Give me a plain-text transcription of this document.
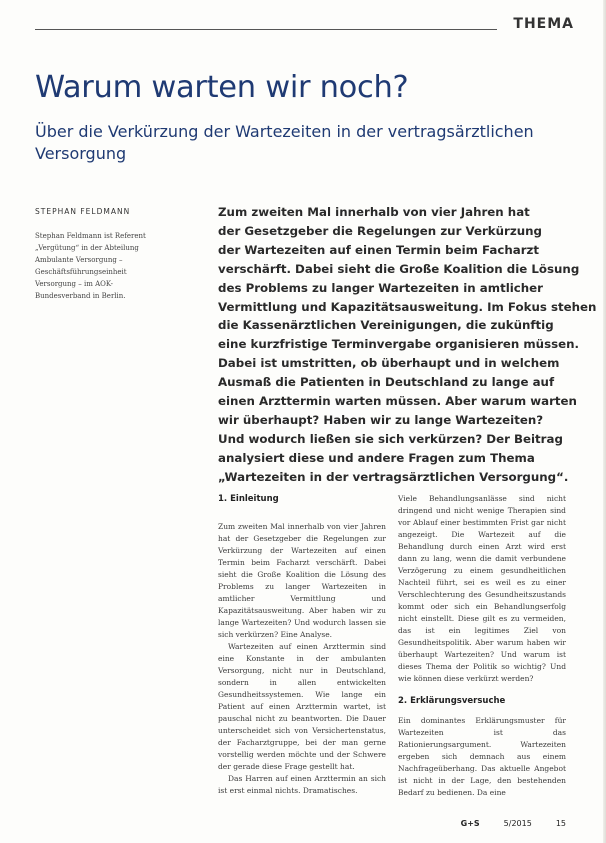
THEMA
Warum warten wir noch?

Über die Verkürzung der Wartezeiten in der vertragsärztlichen Versorgung

STEPHAN FELDMANN
Stephan Feldmann ist Referent „Vergütung“ in der Abteilung Ambulante Versorgung – Geschäftsführungseinheit Versorgung – im AOK-Bundesverband in Berlin.
Zum zweiten Mal innerhalb von vier Jahren hat
der Gesetzgeber die Regelungen zur Verkürzung
der Wartezeiten auf einen Termin beim Facharzt
verschärft. Dabei sieht die Große Koalition die Lösung
des Problems zu langer Wartezeiten in amtlicher
Vermittlung und Kapazitätsausweitung. Im Fokus stehen
die Kassenärztlichen Vereinigungen, die zukünftig
eine kurzfristige Terminvergabe organisieren müssen.
Dabei ist umstritten, ob überhaupt und in welchem
Ausmaß die Patienten in Deutschland zu lange auf
einen Arzttermin warten müssen. Aber warum warten
wir überhaupt? Haben wir zu lange Wartezeiten?
Und wodurch ließen sie sich verkürzen? Der Beitrag
analysiert diese und andere Fragen zum Thema
„Wartezeiten in der vertragsärztlichen Versorgung“.
1. Einleitung

Zum zweiten Mal innerhalb von vier Jahren hat der Gesetzgeber die Regelungen zur Verkürzung der Wartezeiten auf einen Termin beim Facharzt verschärft. Dabei sieht die Große Koalition die Lösung des Problems zu langer Wartezeiten in amtlicher Vermittlung und Kapazitätsausweitung. Aber haben wir zu lange Wartezeiten? Und wodurch lassen sie sich verkürzen? Eine Analyse.

Wartezeiten auf einen Arzttermin sind eine Konstante in der ambulanten Versorgung, nicht nur in Deutschland, sondern in allen entwickelten Gesundheitssystemen. Wie lange ein Patient auf einen Arzttermin wartet, ist pauschal nicht zu beantworten. Die Dauer unterscheidet sich von Versichertenstatus, der Facharztgruppe, bei der man gerne vorstellig werden möchte und der Schwere der gerade diese Frage gestellt hat.

Das Harren auf einen Arzttermin an sich ist erst einmal nichts. Dramatisches.

Viele Behandlungsanlässe sind nicht dringend und nicht wenige Therapien sind vor Ablauf einer bestimmten Frist gar nicht angezeigt. Die Wartezeit auf die Behandlung durch einen Arzt wird erst dann zu lang, wenn die damit verbundene Verzögerung zu einem gesundheitlichen Nachteil führt, sei es weil es zu einer Verschlechterung des Gesundheitszustands kommt oder sich ein Behandlungserfolg nicht einstellt. Diese gilt es zu vermeiden, das ist ein legitimes Ziel von Gesundheitspolitik. Aber warum haben wir überhaupt Wartezeiten? Und warum ist dieses Thema der Politik so wichtig? Und wie können diese verkürzt werden?

2. Erklärungsversuche

Ein dominantes Erklärungsmuster für Wartezeiten ist das Rationierungsargument. Wartezeiten ergeben sich demnach aus einem Nachfrageüberhang. Das aktuelle Angebot ist nicht in der Lage, den bestehenden Bedarf zu bedienen. Da eine

G+S	5/2015	15
